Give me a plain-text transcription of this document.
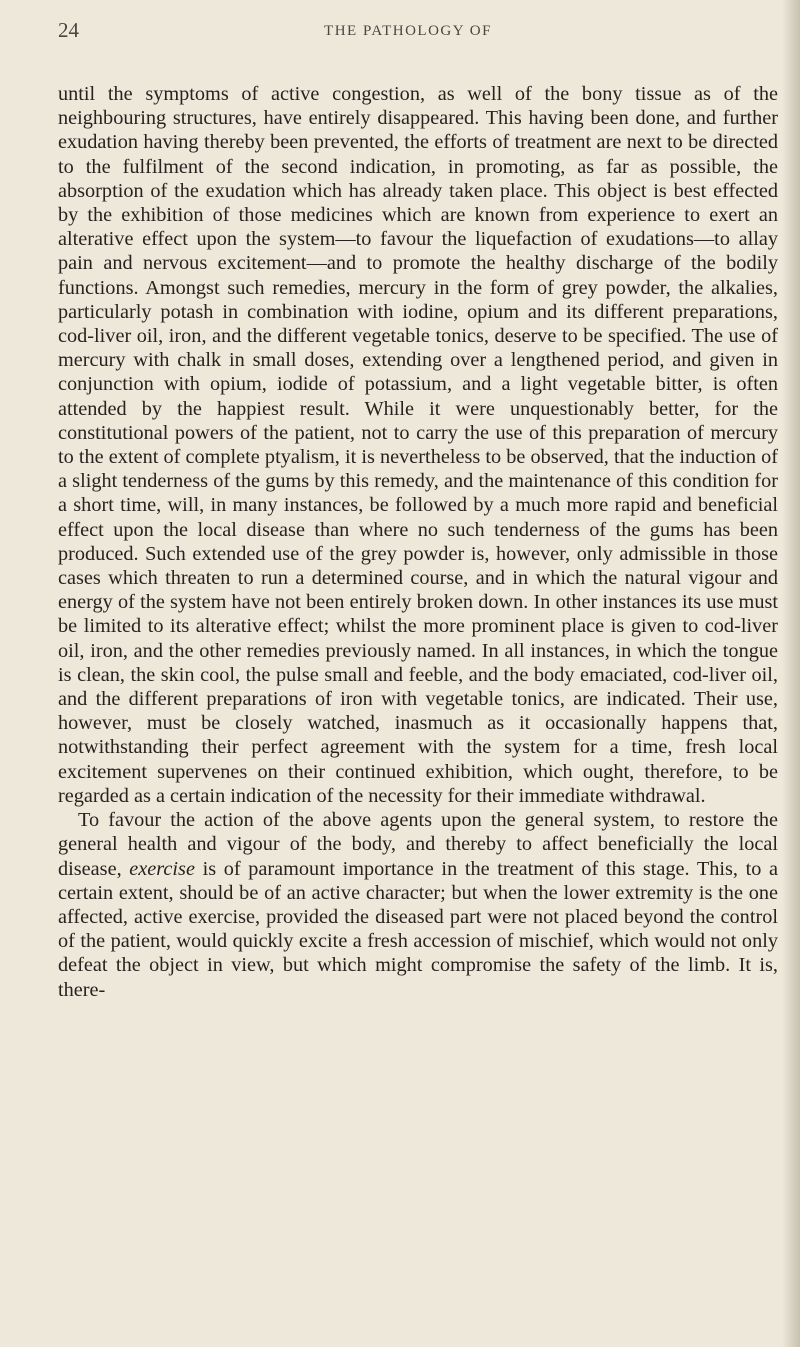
24	THE PATHOLOGY OF

until the symptoms of active congestion, as well of the bony tissue as of the neighbouring structures, have entirely disappeared. This having been done, and further exudation having thereby been prevented, the efforts of treatment are next to be directed to the fulfilment of the second indication, in promoting, as far as possible, the absorption of the exudation which has already taken place. This object is best effected by the exhibition of those medicines which are known from experience to exert an alterative effect upon the system—to favour the liquefaction of exudations—to allay pain and nervous excitement—and to promote the healthy discharge of the bodily functions. Amongst such remedies, mercury in the form of grey powder, the alkalies, particularly potash in combination with iodine, opium and its different preparations, cod-liver oil, iron, and the different vegetable tonics, deserve to be specified. The use of mercury with chalk in small doses, extending over a lengthened period, and given in conjunction with opium, iodide of potassium, and a light vegetable bitter, is often attended by the happiest result. While it were unquestionably better, for the constitutional powers of the patient, not to carry the use of this preparation of mercury to the extent of complete ptyalism, it is nevertheless to be observed, that the induction of a slight tenderness of the gums by this remedy, and the maintenance of this condition for a short time, will, in many instances, be followed by a much more rapid and beneficial effect upon the local disease than where no such tenderness of the gums has been produced. Such extended use of the grey powder is, however, only admissible in those cases which threaten to run a determined course, and in which the natural vigour and energy of the system have not been entirely broken down. In other instances its use must be limited to its alterative effect; whilst the more prominent place is given to cod-liver oil, iron, and the other remedies previously named. In all instances, in which the tongue is clean, the skin cool, the pulse small and feeble, and the body emaciated, cod-liver oil, and the different preparations of iron with vegetable tonics, are indicated. Their use, however, must be closely watched, inasmuch as it occasionally happens that, notwithstanding their perfect agreement with the system for a time, fresh local excitement supervenes on their continued exhibition, which ought, therefore, to be regarded as a certain indication of the necessity for their immediate withdrawal.

To favour the action of the above agents upon the general system, to restore the general health and vigour of the body, and thereby to affect beneficially the local disease, exercise is of paramount importance in the treatment of this stage. This, to a certain extent, should be of an active character; but when the lower extremity is the one affected, active exercise, provided the diseased part were not placed beyond the control of the patient, would quickly excite a fresh accession of mischief, which would not only defeat the object in view, but which might compromise the safety of the limb. It is, there-
